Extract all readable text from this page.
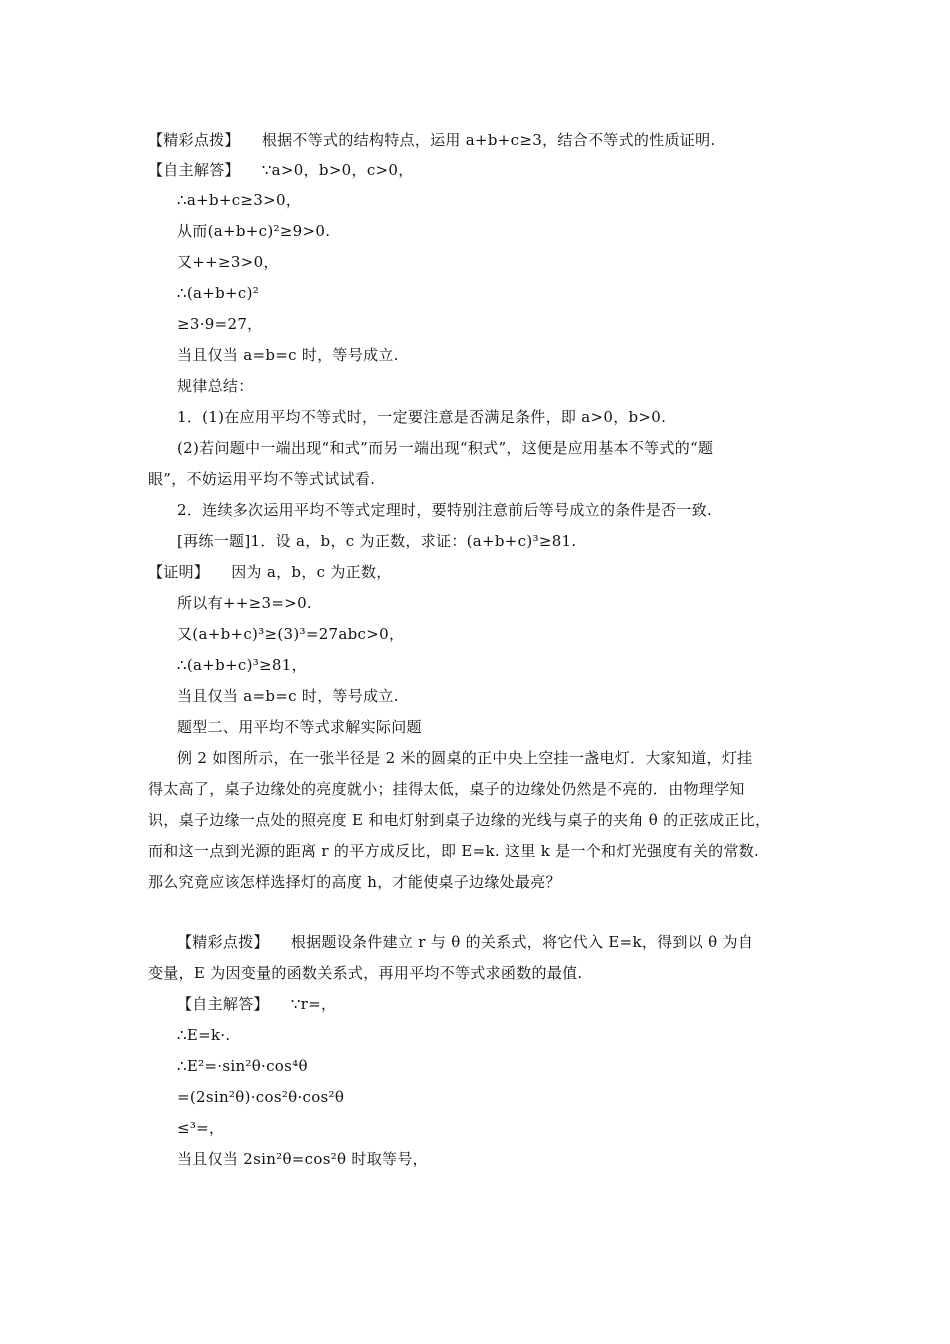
【精彩点拨】 根据不等式的结构特点，运用 a+b+c≥3，结合不等式的性质证明.
【自主解答】 ∵a>0，b>0，c>0，
∴a+b+c≥3>0，
从而(a+b+c)²≥9>0.
又++≥3>0，
∴(a+b+c)²
≥3·9=27，
当且仅当 a=b=c 时，等号成立.
规律总结：
1．(1)在应用平均不等式时，一定要注意是否满足条件，即 a>0，b>0.
(2)若问题中一端出现“和式”而另一端出现“积式”，这便是应用基本不等式的“题
眼”，不妨运用平均不等式试试看.
2．连续多次运用平均不等式定理时，要特别注意前后等号成立的条件是否一致.
[再练一题]1．设 a，b，c 为正数，求证：(a+b+c)³≥81.
【证明】 因为 a，b，c 为正数，
所以有++≥3=>0.
又(a+b+c)³≥(3)³=27abc>0，
∴(a+b+c)³≥81，
当且仅当 a=b=c 时，等号成立.
题型二、用平均不等式求解实际问题
例 2 如图所示，在一张半径是 2 米的圆桌的正中央上空挂一盏电灯．大家知道，灯挂
得太高了，桌子边缘处的亮度就小；挂得太低，桌子的边缘处仍然是不亮的．由物理学知
识，桌子边缘一点处的照亮度 E 和电灯射到桌子边缘的光线与桌子的夹角 θ 的正弦成正比，
而和这一点到光源的距离 r 的平方成反比，即 E=k. 这里 k 是一个和灯光强度有关的常数.
那么究竟应该怎样选择灯的高度 h，才能使桌子边缘处最亮？
【精彩点拨】 根据题设条件建立 r 与 θ 的关系式，将它代入 E=k，得到以 θ 为自
变量，E 为因变量的函数关系式，再用平均不等式求函数的最值.
【自主解答】 ∵r=，
∴E=k·.
∴E²=·sin²θ·cos⁴θ
=(2sin²θ)·cos²θ·cos²θ
≤³=，
当且仅当 2sin²θ=cos²θ 时取等号，
